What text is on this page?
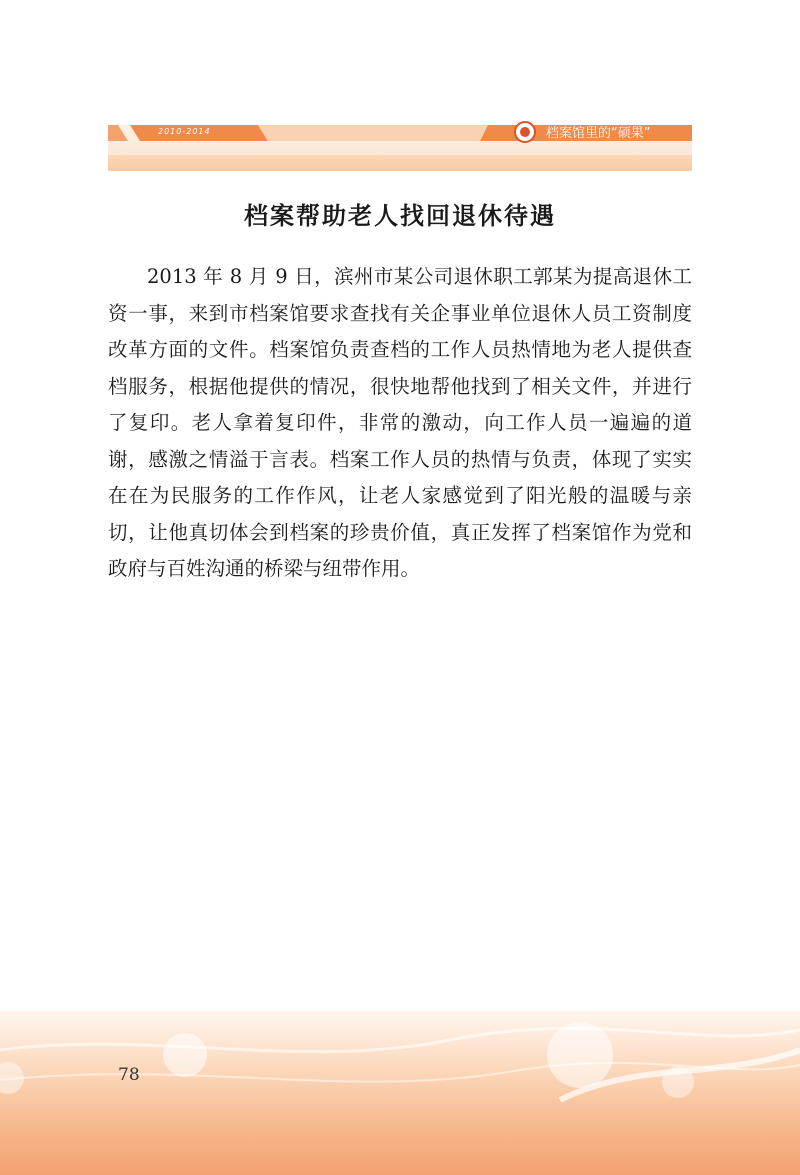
2010-2014	档案馆里的“硕果”
档案帮助老人找回退休待遇
2013 年 8 月 9 日，滨州市某公司退休职工郭某为提高退休工资一事，来到市档案馆要求查找有关企事业单位退休人员工资制度改革方面的文件。档案馆负责查档的工作人员热情地为老人提供查档服务，根据他提供的情况，很快地帮他找到了相关文件，并进行了复印。老人拿着复印件，非常的激动，向工作人员一遍遍的道谢，感激之情溢于言表。档案工作人员的热情与负责，体现了实实在在为民服务的工作作风，让老人家感觉到了阳光般的温暖与亲切，让他真切体会到档案的珍贵价值，真正发挥了档案馆作为党和政府与百姓沟通的桥梁与纽带作用。
78
